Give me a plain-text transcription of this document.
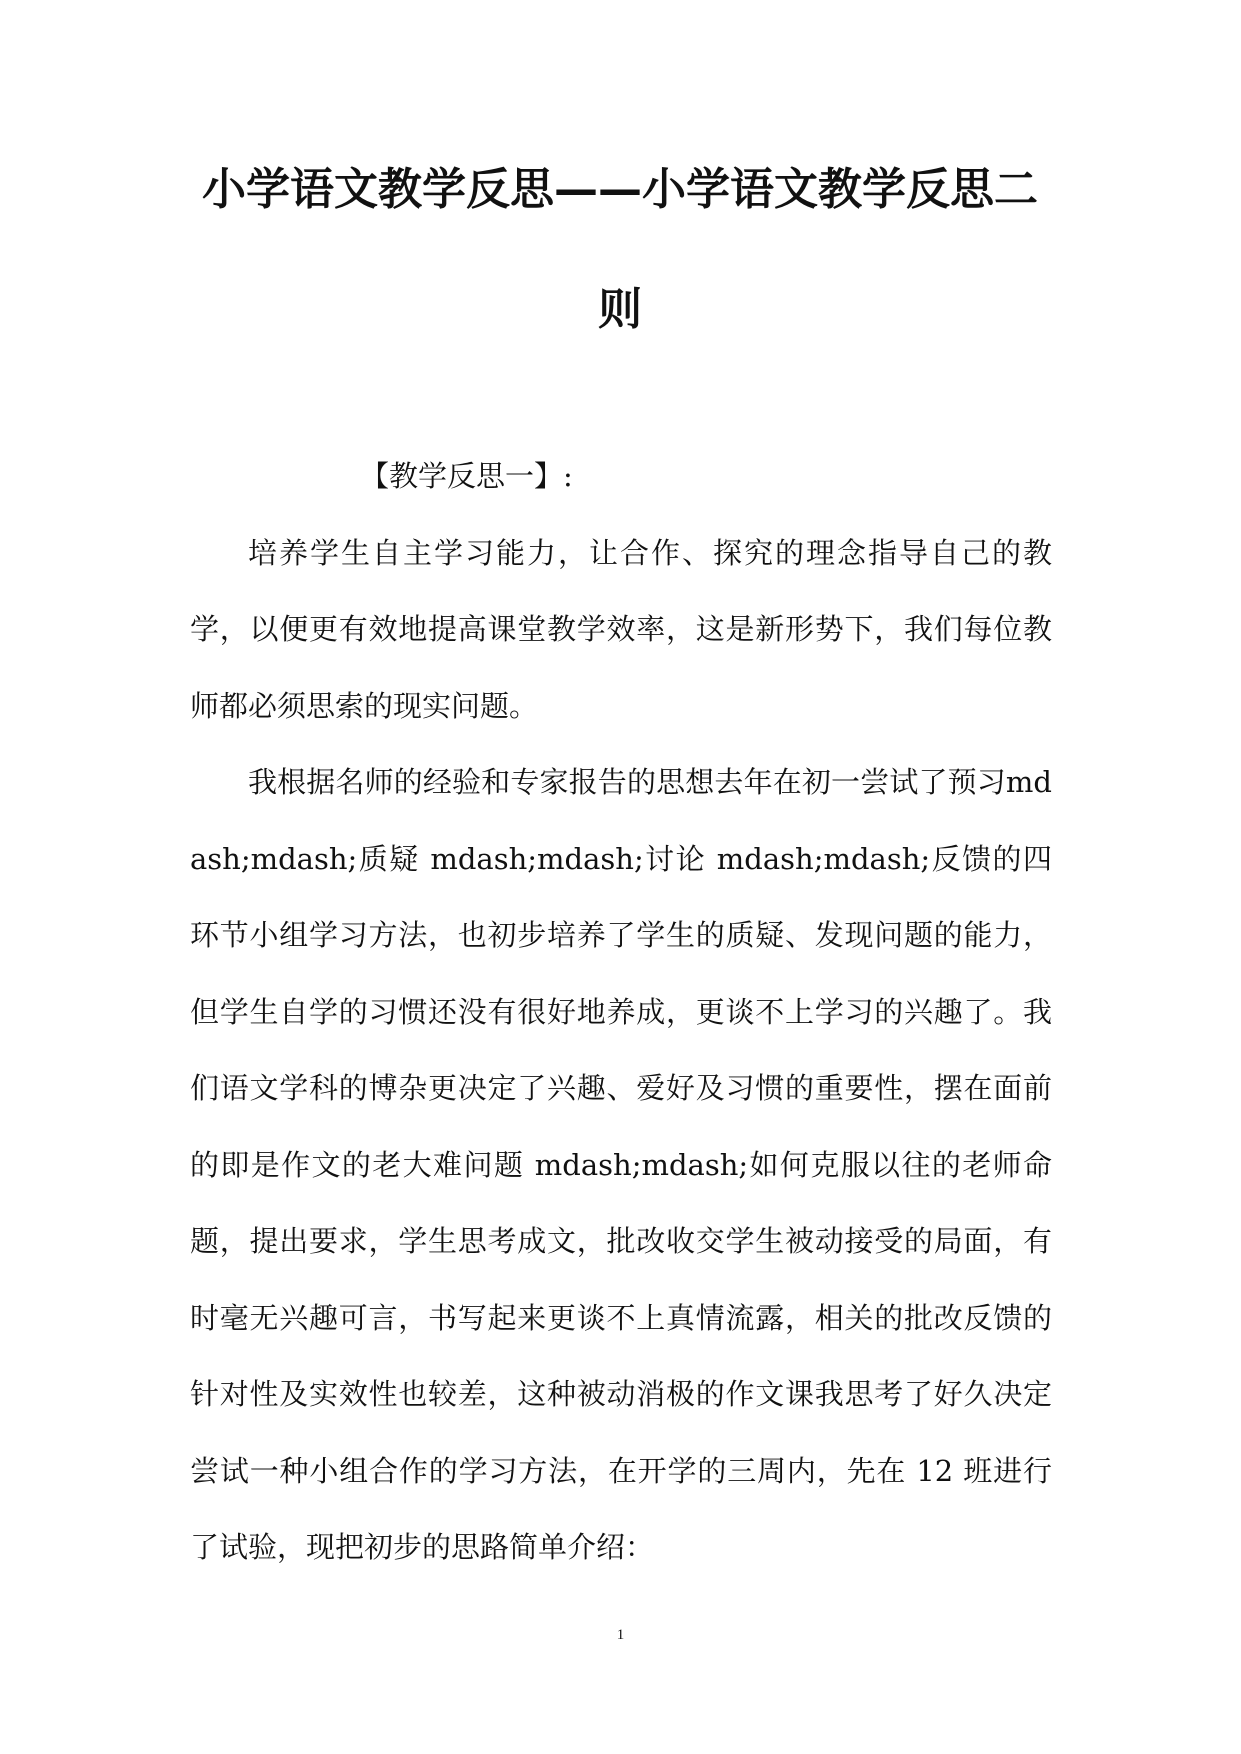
小学语文教学反思——小学语文教学反思二
则

【教学反思一】:

培养学生自主学习能力，让合作、探究的理念指导自己的教学，以便更有效地提高课堂教学效率，这是新形势下，我们每位教师都必须思索的现实问题。

我根据名师的经验和专家报告的思想去年在初一尝试了预习mdash;mdash;质疑 mdash;mdash;讨论 mdash;mdash;反馈的四环节小组学习方法，也初步培养了学生的质疑、发现问题的能力，但学生自学的习惯还没有很好地养成，更谈不上学习的兴趣了。我们语文学科的博杂更决定了兴趣、爱好及习惯的重要性，摆在面前的即是作文的老大难问题 mdash;mdash;如何克服以往的老师命题，提出要求，学生思考成文，批改收交学生被动接受的局面，有时毫无兴趣可言，书写起来更谈不上真情流露，相关的批改反馈的针对性及实效性也较差，这种被动消极的作文课我思考了好久决定尝试一种小组合作的学习方法，在开学的三周内，先在 12 班进行了试验，现把初步的思路简单介绍：

1
